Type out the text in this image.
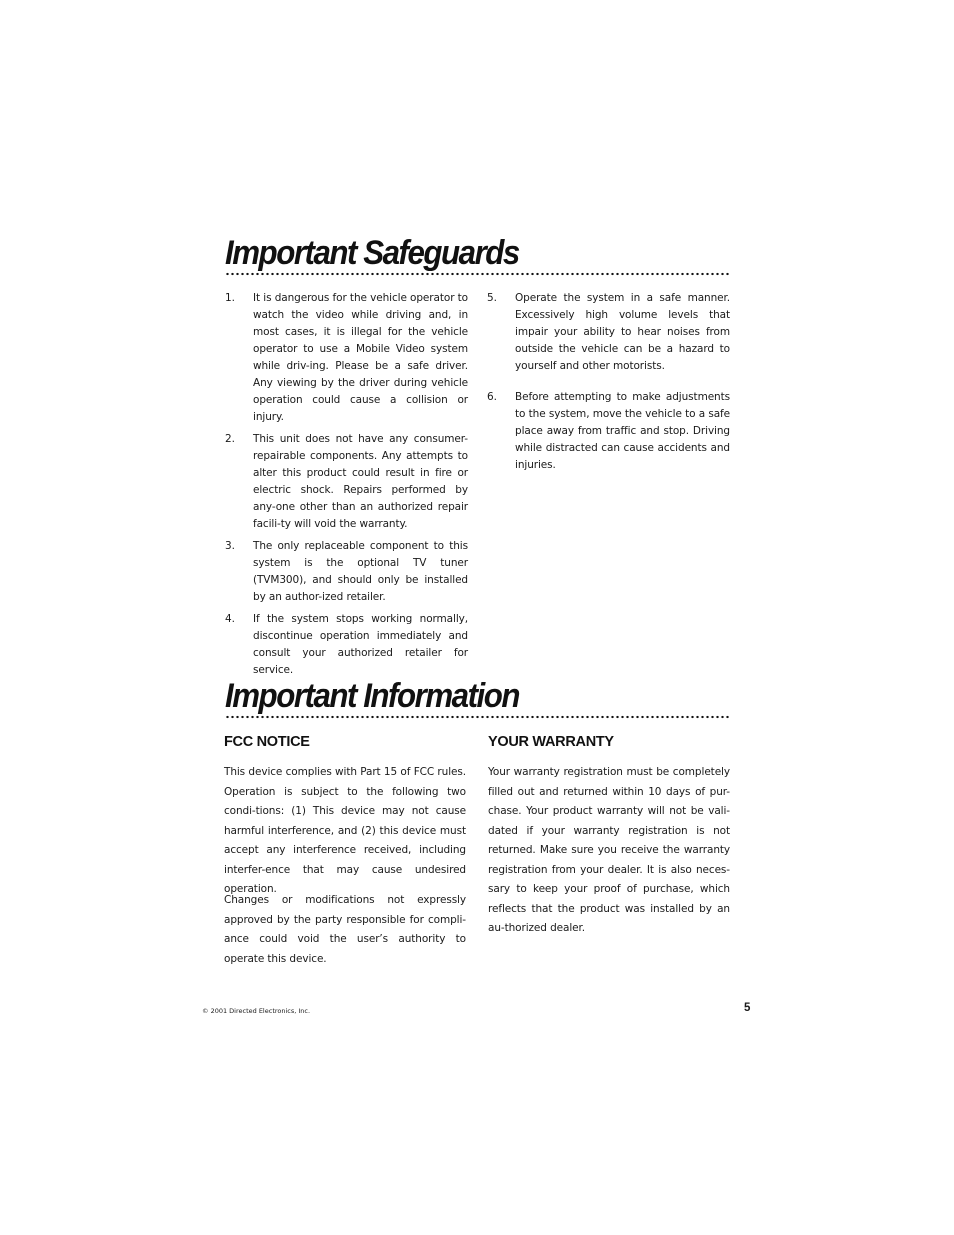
Important Safeguards
1.	It is dangerous for the vehicle operator to watch the video while driving and, in most cases, it is illegal for the vehicle operator to use a Mobile Video system while driv-ing. Please be a safe driver. Any viewing by the driver during vehicle operation could cause a collision or injury.
2.	This unit does not have any consumer-repairable components. Any attempts to alter this product could result in fire or electric shock. Repairs performed by any-one other than an authorized repair facili-ty will void the warranty.
3.	The only replaceable component to this system is the optional TV tuner (TVM300), and should only be installed by an author-ized retailer.
4.	If the system stops working normally, discontinue operation immediately and consult your authorized retailer for service.
5.	Operate the system in a safe manner. Excessively high volume levels that impair your ability to hear noises from outside the vehicle can be a hazard to yourself and other motorists.
6.	Before attempting to make adjustments to the system, move the vehicle to a safe place away from traffic and stop. Driving while distracted can cause accidents and injuries.
Important Information
FCC NOTICE

This device complies with Part 15 of FCC rules. Operation is subject to the following two condi-tions: (1) This device may not cause harmful interference, and (2) this device must accept any interference received, including interfer-ence that may cause undesired operation.

Changes or modifications not expressly approved by the party responsible for compli-ance could void the user’s authority to operate this device.

YOUR WARRANTY

Your warranty registration must be completely filled out and returned within 10 days of pur-chase. Your product warranty will not be vali-dated if your warranty registration is not returned. Make sure you receive the warranty registration from your dealer. It is also neces-sary to keep your proof of purchase, which reflects that the product was installed by an au-thorized dealer.

© 2001 Directed Electronics, Inc.	5
